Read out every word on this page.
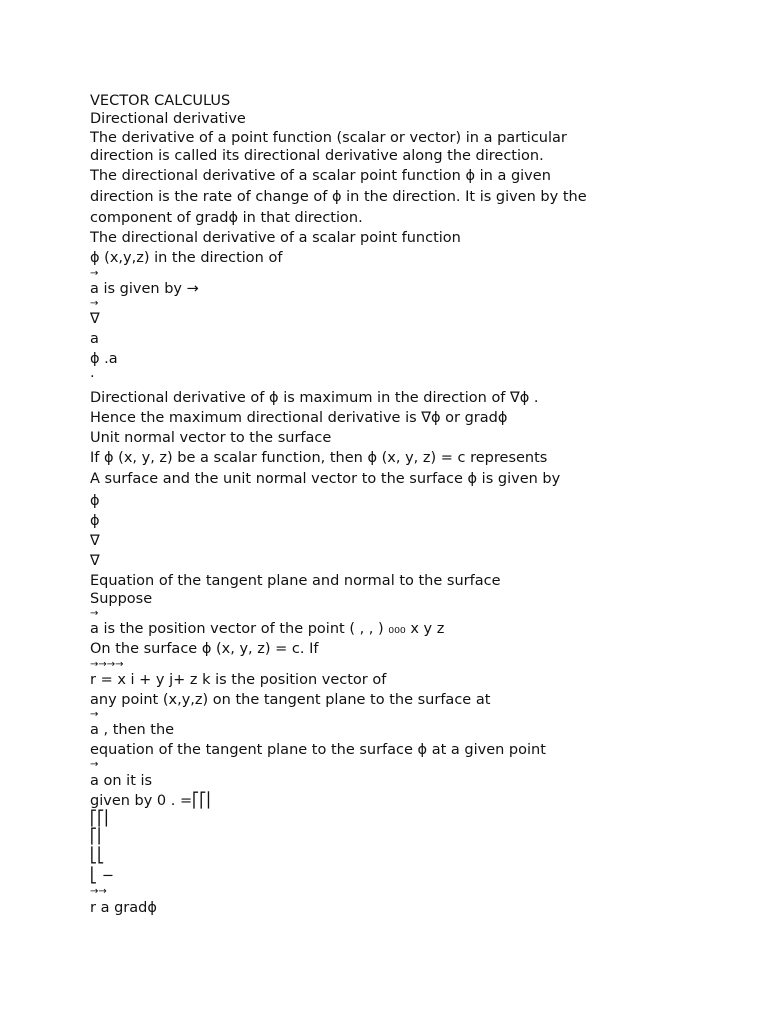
VECTOR CALCULUS
Directional derivative
The derivative of a point function (scalar or vector) in a particular
direction is called its directional derivative along the direction.
The directional derivative of a scalar point function ϕ in a given
direction is the rate of change of ϕ in the direction. It is given by the
component of gradϕ in that direction.
The directional derivative of a scalar point function
ϕ (x,y,z) in the direction of
→
a is given by →
→
∇
a
ϕ .a
·
Directional derivative of ϕ is maximum in the direction of ∇ϕ .
Hence the maximum directional derivative is ∇ϕ or gradϕ
Unit normal vector to the surface
If ϕ (x, y, z) be a scalar function, then ϕ (x, y, z) = c represents
A surface and the unit normal vector to the surface ϕ is given by
ϕ
ϕ
∇
∇
Equation of the tangent plane and normal to the surface
Suppose
→
a is the position vector of the point ( , , ) ₀₀₀ x y z
On the surface ϕ (x, y, z) = c. If
→→→→
r = x i + y j+ z k is the position vector of
any point (x,y,z) on the tangent plane to the surface at
→
a , then the
equation of the tangent plane to the surface ϕ at a given point
→
a on it is
given by 0 . =⎡⎡⎢
⎡⎡⎢
⎡⎢
⎣⎣
⎣ −
→→
r a gradϕ
